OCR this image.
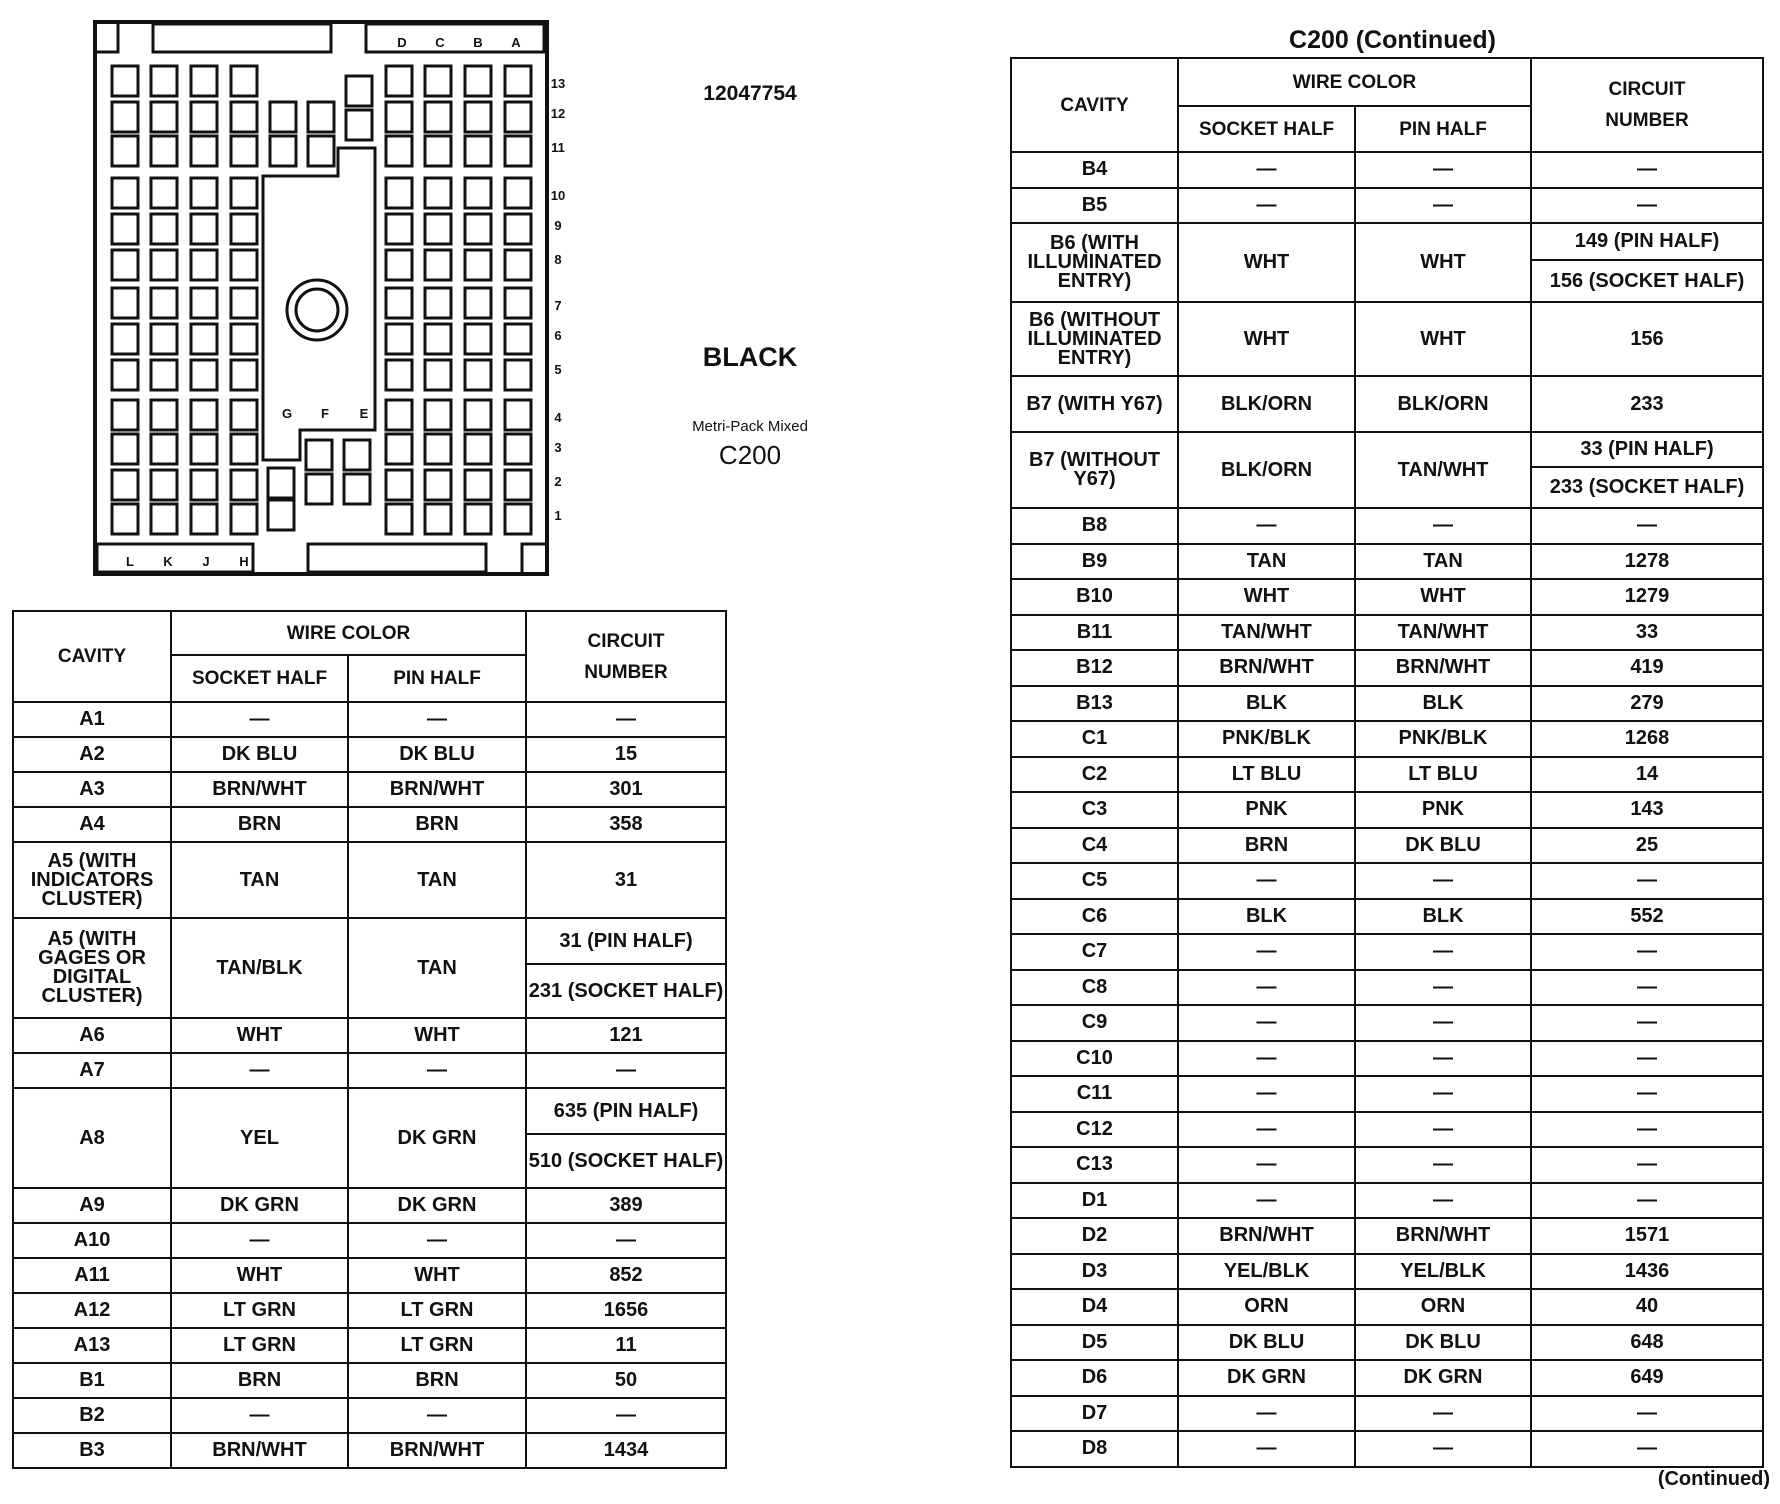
D C B A
L K J H
G F E
13
12
11
10
9
8
7
6
5
4
3
2
1
12047754
BLACK
Metri-Pack Mixed
C200
CAVITY	WIRE COLOR		CIRCUIT
NUMBER

	SOCKET HALF	PIN HALF	
A1	—	—	—
A2	DK BLU	DK BLU	15
A3	BRN/WHT	BRN/WHT	301
A4	BRN	BRN	358
A5 (WITH INDICATORS CLUSTER)	TAN	TAN	31
A5 (WITH GAGES OR DIGITAL CLUSTER)	TAN/BLK	TAN	31 (PIN HALF)
231 (SOCKET HALF)

A6	WHT	WHT	121
A7	—	—	—
A8	YEL	DK GRN	635 (PIN HALF)
510 (SOCKET HALF)

A9	DK GRN	DK GRN	389
A10	—	—	—
A11	WHT	WHT	852
A12	LT GRN	LT GRN	1656
A13	LT GRN	LT GRN	11
B1	BRN	BRN	50
B2	—	—	—
B3	BRN/WHT	BRN/WHT	1434
C200 (Continued)
CAVITY	WIRE COLOR		CIRCUIT
NUMBER

	SOCKET HALF	PIN HALF	
B4	—	—	—
B5	—	—	—
B6 (WITH ILLUMINATED ENTRY)	WHT	WHT	149 (PIN HALF)
156 (SOCKET HALF)

B6 (WITHOUT ILLUMINATED ENTRY)	WHT	WHT	156
B7 (WITH Y67)	BLK/ORN	BLK/ORN	233
B7 (WITHOUT Y67)	BLK/ORN	TAN/WHT	33 (PIN HALF)
233 (SOCKET HALF)

B8	—	—	—
B9	TAN	TAN	1278
B10	WHT	WHT	1279
B11	TAN/WHT	TAN/WHT	33
B12	BRN/WHT	BRN/WHT	419
B13	BLK	BLK	279
C1	PNK/BLK	PNK/BLK	1268
C2	LT BLU	LT BLU	14
C3	PNK	PNK	143
C4	BRN	DK BLU	25
C5	—	—	—
C6	BLK	BLK	552
C7	—	—	—
C8	—	—	—
C9	—	—	—
C10	—	—	—
C11	—	—	—
C12	—	—	—
C13	—	—	—
D1	—	—	—
D2	BRN/WHT	BRN/WHT	1571
D3	YEL/BLK	YEL/BLK	1436
D4	ORN	ORN	40
D5	DK BLU	DK BLU	648
D6	DK GRN	DK GRN	649
D7	—	—	—
D8	—	—	—
(Continued)
